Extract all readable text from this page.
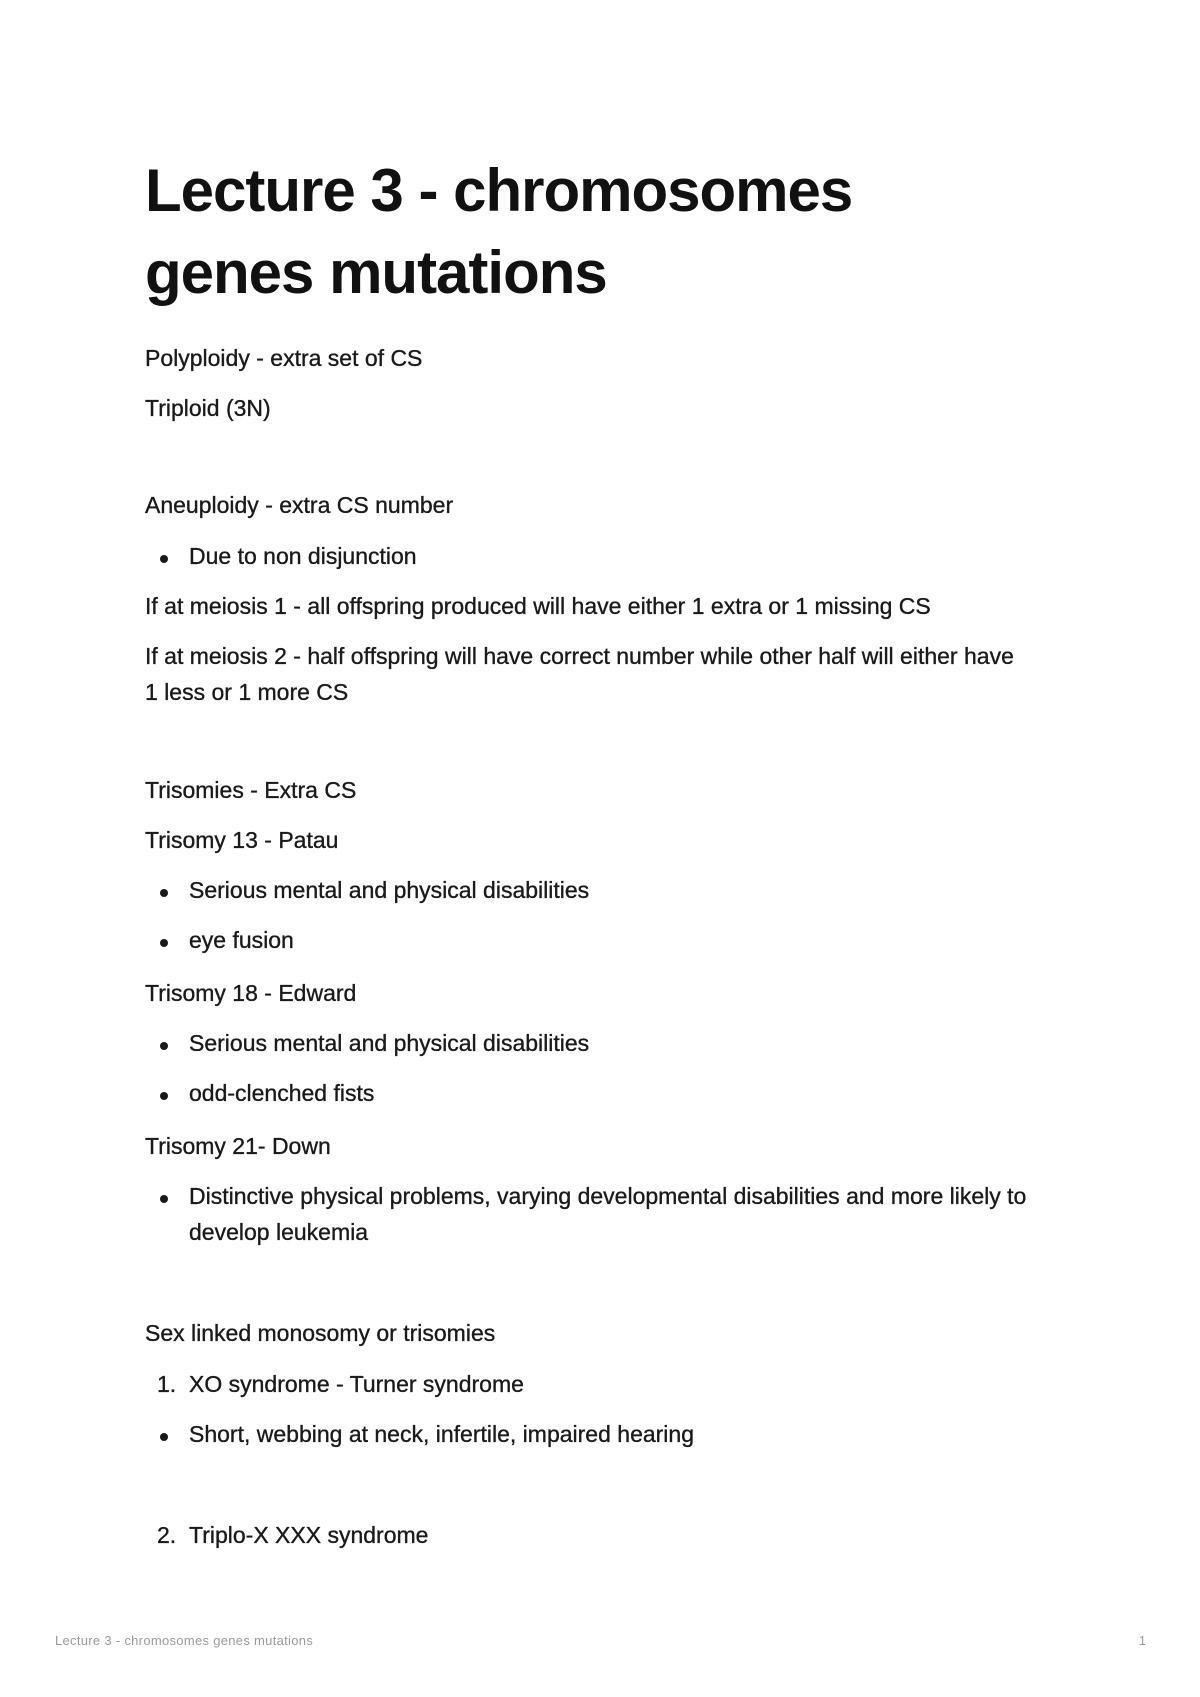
Lecture 3 - chromosomes
genes mutations

Polyploidy - extra set of CS

Triploid (3N)

Aneuploidy - extra CS number

Due to non disjunction

If at meiosis 1 - all offspring produced will have either 1 extra or 1 missing CS

If at meiosis 2 - half offspring will have correct number while other half will either have 1 less or 1 more CS

Trisomies - Extra CS

Trisomy 13 - Patau

Serious mental and physical disabilities

eye fusion

Trisomy 18 - Edward

Serious mental and physical disabilities

odd-clenched fists

Trisomy 21- Down

Distinctive physical problems, varying developmental disabilities and more likely to develop leukemia

Sex linked monosomy or trisomies

1. XO syndrome - Turner syndrome

Short, webbing at neck, infertile, impaired hearing

2. Triplo-X XXX syndrome

Lecture 3 - chromosomes genes mutations	1
